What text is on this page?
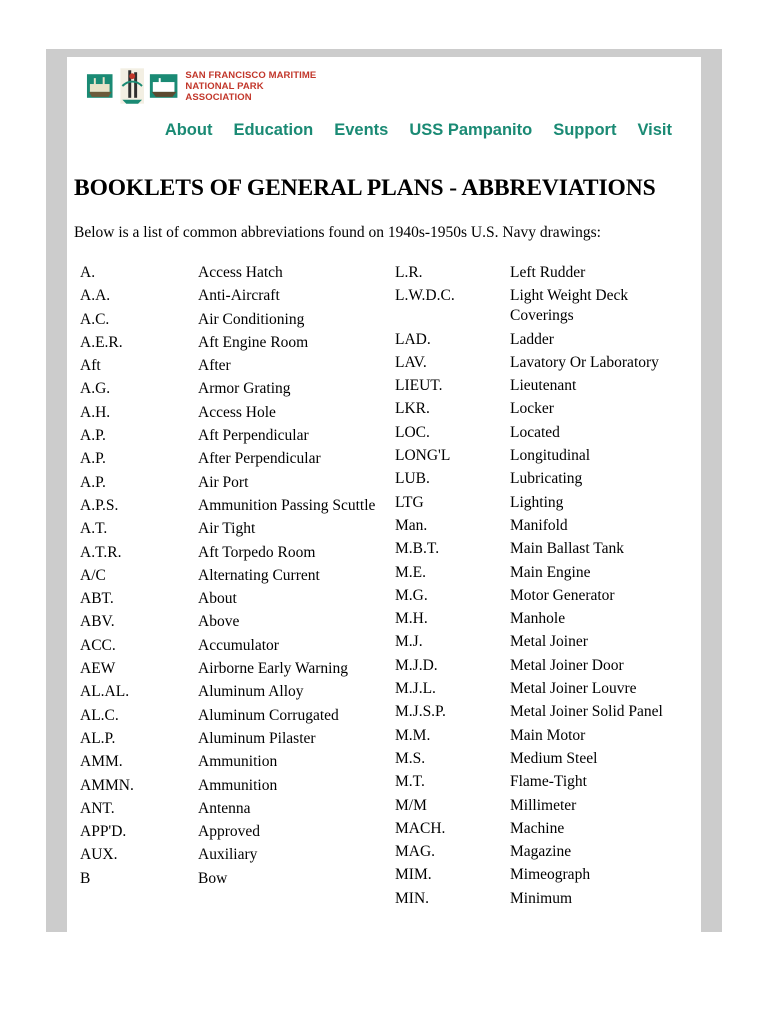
SAN FRANCISCO MARITIME
NATIONAL PARK ASSOCIATION
About Education Events USS Pampanito Support Visit
BOOKLETS OF GENERAL PLANS - ABBREVIATIONS

Below is a list of common abbreviations found on 1940s-1950s U.S. Navy drawings:

A.	Access Hatch
A.A.	Anti-Aircraft
A.C.	Air Conditioning
A.E.R.	Aft Engine Room
Aft	After
A.G.	Armor Grating
A.H.	Access Hole
A.P.	Aft Perpendicular
A.P.	After Perpendicular
A.P.	Air Port
A.P.S.	Ammunition Passing Scuttle
A.T.	Air Tight
A.T.R.	Aft Torpedo Room
A/C	Alternating Current
ABT.	About
ABV.	Above
ACC.	Accumulator
AEW	Airborne Early Warning
AL.AL.	Aluminum Alloy
AL.C.	Aluminum Corrugated
AL.P.	Aluminum Pilaster
AMM.	Ammunition
AMMN.	Ammunition
ANT.	Antenna
APP'D.	Approved
AUX.	Auxiliary
B	Bow
L.R.	Left Rudder
L.W.D.C.	Light Weight Deck Coverings
LAD.	Ladder
LAV.	Lavatory Or Laboratory
LIEUT.	Lieutenant
LKR.	Locker
LOC.	Located
LONG'L	Longitudinal
LUB.	Lubricating
LTG	Lighting
Man.	Manifold
M.B.T.	Main Ballast Tank
M.E.	Main Engine
M.G.	Motor Generator
M.H.	Manhole
M.J.	Metal Joiner
M.J.D.	Metal Joiner Door
M.J.L.	Metal Joiner Louvre
M.J.S.P.	Metal Joiner Solid Panel
M.M.	Main Motor
M.S.	Medium Steel
M.T.	Flame-Tight
M/M	Millimeter
MACH.	Machine
MAG.	Magazine
MIM.	Mimeograph
MIN.	Minimum
